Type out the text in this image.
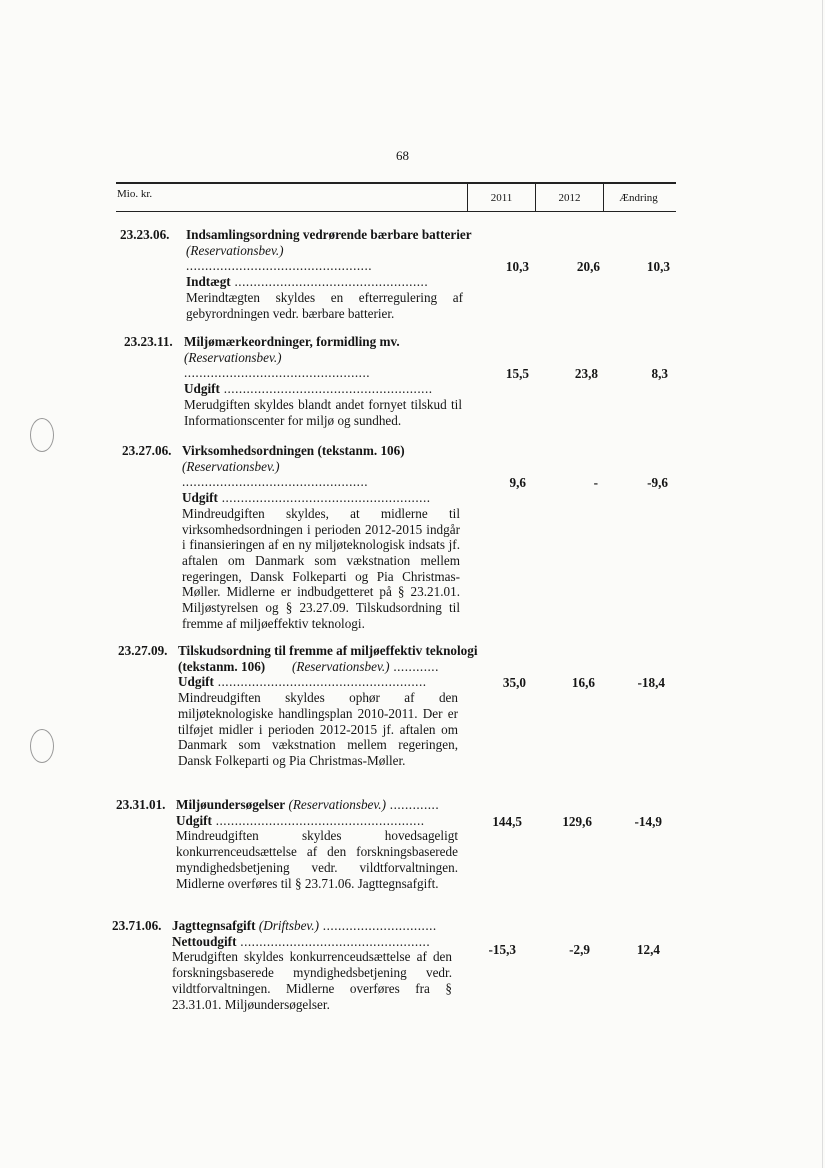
68
Mio. kr.	2011	2012	Ændring
23.23.06. Indsamlingsordning vedrørende bærbare batterier
(Reservationsbev.) .................................................
Indtægt ...................................................
Merindtægten skyldes en efterregulering af gebyrordningen vedr. bærbare batterier.
10,3	20,6	10,3
23.23.11. Miljømærkeordninger, formidling mv.
(Reservationsbev.) .................................................
Udgift .......................................................
Merudgiften skyldes blandt andet fornyet tilskud til Informationscenter for miljø og sundhed.
15,5	23,8	8,3
23.27.06. Virksomhedsordningen (tekstanm. 106)
(Reservationsbev.) .................................................
Udgift .......................................................
Mindreudgiften skyldes, at midlerne til virksomhedsordningen i perioden 2012-2015 indgår i finansieringen af en ny miljøteknologisk indsats jf. aftalen om Danmark som vækstnation mellem regeringen, Dansk Folkeparti og Pia Christmas-Møller. Midlerne er indbudgetteret på § 23.21.01. Miljøstyrelsen og § 23.27.09. Tilskudsordning til fremme af miljøeffektiv teknologi.
9,6	-	-9,6
23.27.09. Tilskudsordning til fremme af miljøeffektiv teknologi (tekstanm. 106)	(Reservationsbev.) ............
Udgift .......................................................
Mindreudgiften skyldes ophør af den miljøteknologiske handlingsplan 2010-2011. Der er tilføjet midler i perioden 2012-2015 jf. aftalen om Danmark som vækstnation mellem regeringen, Dansk Folkeparti og Pia Christmas-Møller.
35,0	16,6	-18,4
23.31.01. Miljøundersøgelser (Reservationsbev.) .............
Udgift .......................................................
Mindreudgiften skyldes hovedsageligt konkurrenceudsættelse af den forskningsbaserede myndighedsbetjening vedr. vildtforvaltningen. Midlerne overføres til § 23.71.06. Jagttegnsafgift.
144,5	129,6	-14,9
23.71.06. Jagttegnsafgift (Driftsbev.) ..............................
Nettoudgift ..................................................
Merudgiften skyldes konkurrenceudsættelse af den forskningsbaserede myndighedsbetjening vedr. vildtforvaltningen. Midlerne overføres fra § 23.31.01. Miljøundersøgelser.
-15,3	-2,9	12,4
